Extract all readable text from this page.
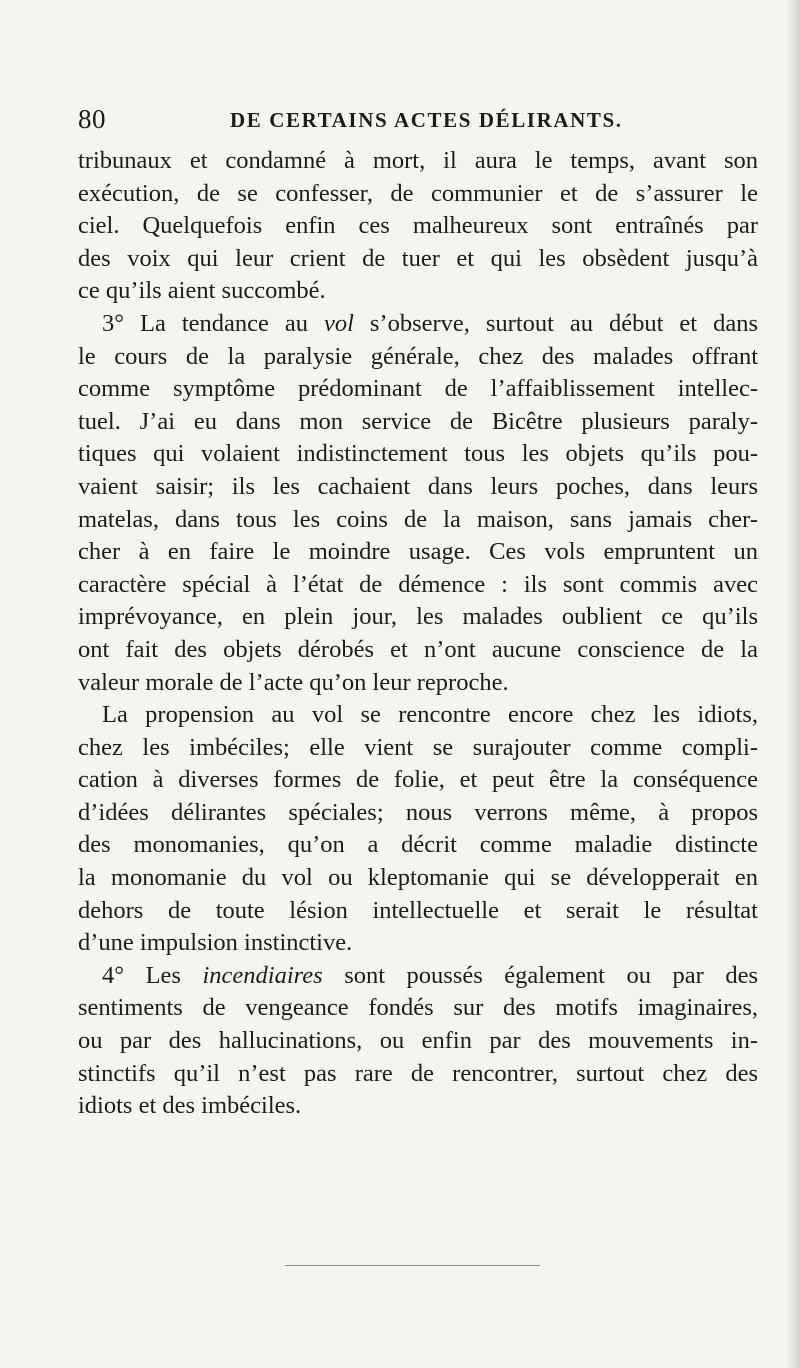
80	DE CERTAINS ACTES DÉLIRANTS.
tribunaux et condamné à mort, il aura le temps, avant son
exécution, de se confesser, de communier et de s’assurer le
ciel. Quelquefois enfin ces malheureux sont entraînés par
des voix qui leur crient de tuer et qui les obsèdent jusqu’à
ce qu’ils aient succombé.
3° La tendance au vol s’observe, surtout au début et dans
le cours de la paralysie générale, chez des malades offrant
comme symptôme prédominant de l’affaiblissement intellec-
tuel. J’ai eu dans mon service de Bicêtre plusieurs paraly-
tiques qui volaient indistinctement tous les objets qu’ils pou-
vaient saisir; ils les cachaient dans leurs poches, dans leurs
matelas, dans tous les coins de la maison, sans jamais cher-
cher à en faire le moindre usage. Ces vols empruntent un
caractère spécial à l’état de démence : ils sont commis avec
imprévoyance, en plein jour, les malades oublient ce qu’ils
ont fait des objets dérobés et n’ont aucune conscience de la
valeur morale de l’acte qu’on leur reproche.
La propension au vol se rencontre encore chez les idiots,
chez les imbéciles; elle vient se surajouter comme compli-
cation à diverses formes de folie, et peut être la conséquence
d’idées délirantes spéciales; nous verrons même, à propos
des monomanies, qu’on a décrit comme maladie distincte
la monomanie du vol ou kleptomanie qui se développerait en
dehors de toute lésion intellectuelle et serait le résultat
d’une impulsion instinctive.
4° Les incendiaires sont poussés également ou par des
sentiments de vengeance fondés sur des motifs imaginaires,
ou par des hallucinations, ou enfin par des mouvements in-
stinctifs qu’il n’est pas rare de rencontrer, surtout chez des
idiots et des imbéciles.
